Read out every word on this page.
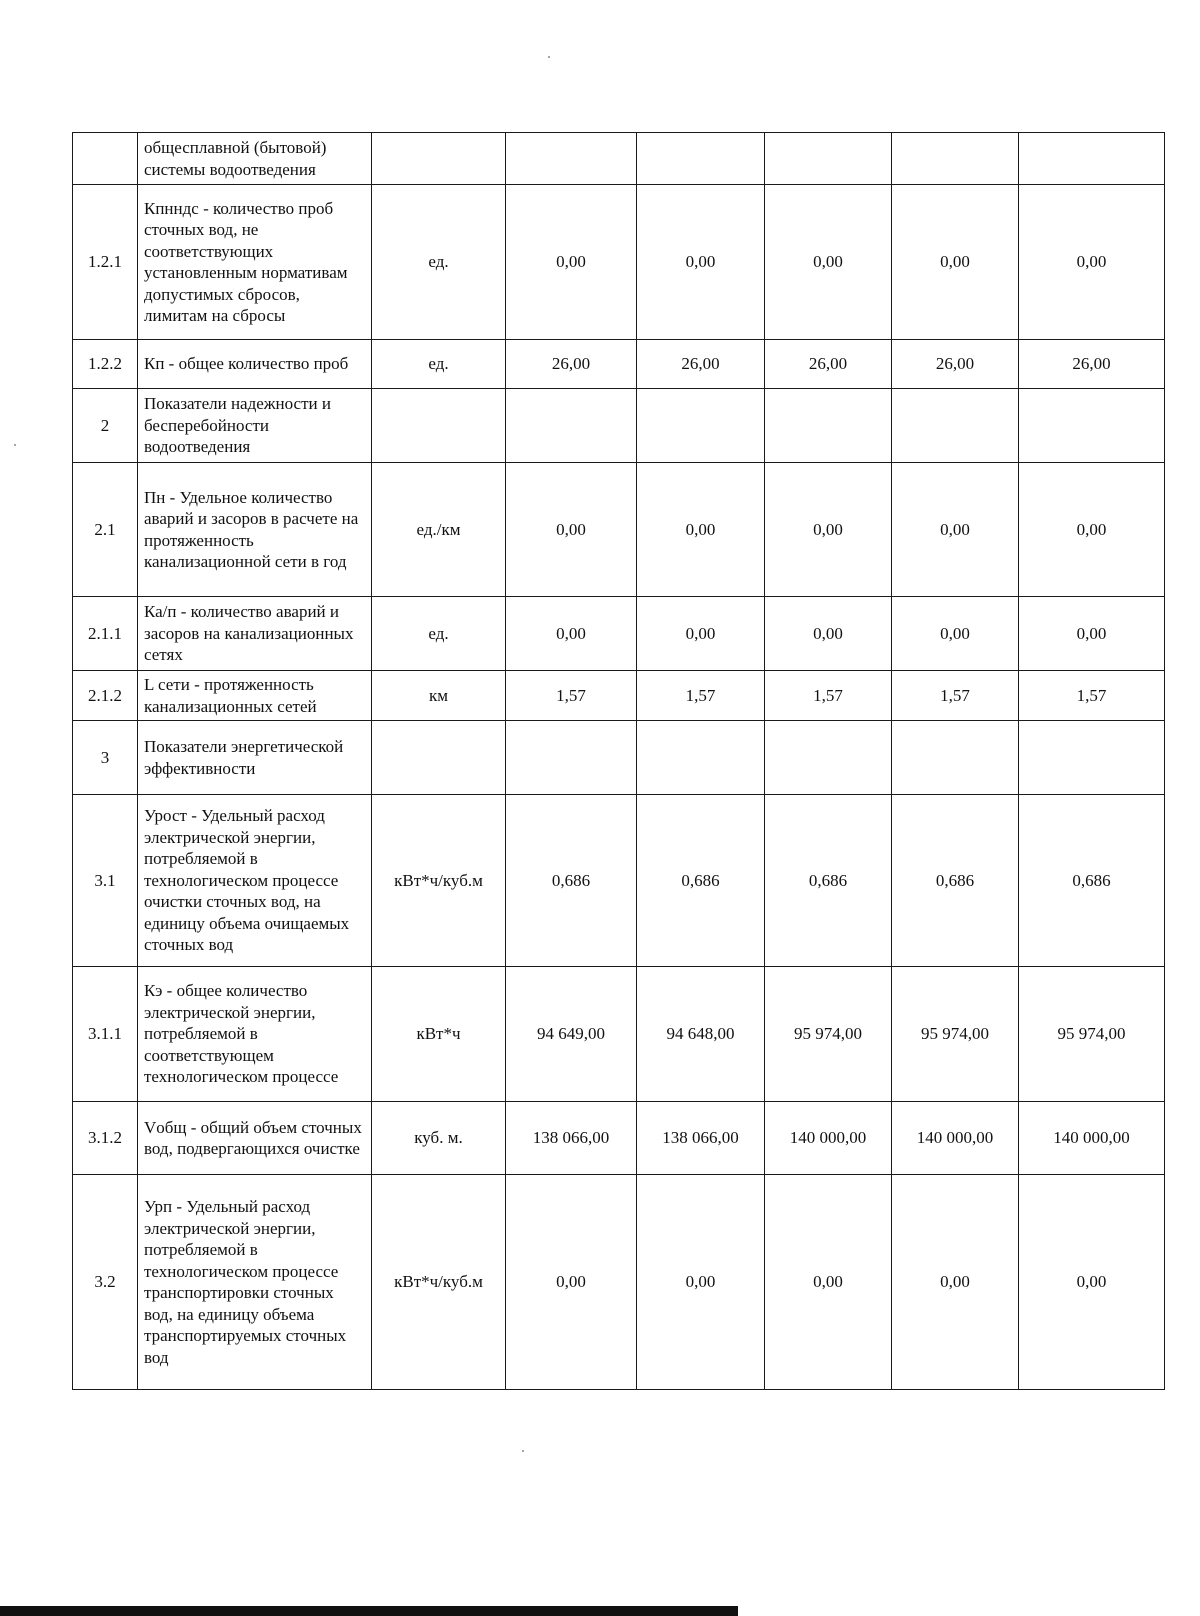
	общесплавной (бытовой) системы водоотведения						
1.2.1	Кпнндс - количество проб сточных вод, не соответствующих установленным нормативам допустимых сбросов, лимитам на сбросы	ед.	0,00	0,00	0,00	0,00	0,00
1.2.2	Кп - общее количество проб	ед.	26,00	26,00	26,00	26,00	26,00
2	Показатели надежности и бесперебойности водоотведения						
2.1	Пн - Удельное количество аварий и засоров в расчете на протяженность канализационной сети в год	ед./км	0,00	0,00	0,00	0,00	0,00
2.1.1	Ка/п - количество аварий и засоров на канализационных сетях	ед.	0,00	0,00	0,00	0,00	0,00
2.1.2	L сети - протяженность канализационных сетей	км	1,57	1,57	1,57	1,57	1,57
3	Показатели энергетической эффективности						
3.1	Урост - Удельный расход электрической энергии, потребляемой в технологическом процессе очистки сточных вод, на единицу объема очищаемых сточных вод	кВт*ч/куб.м	0,686	0,686	0,686	0,686	0,686
3.1.1	Кэ - общее количество электрической энергии, потребляемой в соответствующем технологическом процессе	кВт*ч	94 649,00	94 648,00	95 974,00	95 974,00	95 974,00
3.1.2	Vобщ - общий объем сточных вод, подвергающихся очистке	куб. м.	138 066,00	138 066,00	140 000,00	140 000,00	140 000,00
3.2	Урп - Удельный расход электрической энергии, потребляемой в технологическом процессе транспортировки сточных вод, на единицу объема транспортируемых сточных вод	кВт*ч/куб.м	0,00	0,00	0,00	0,00	0,00
